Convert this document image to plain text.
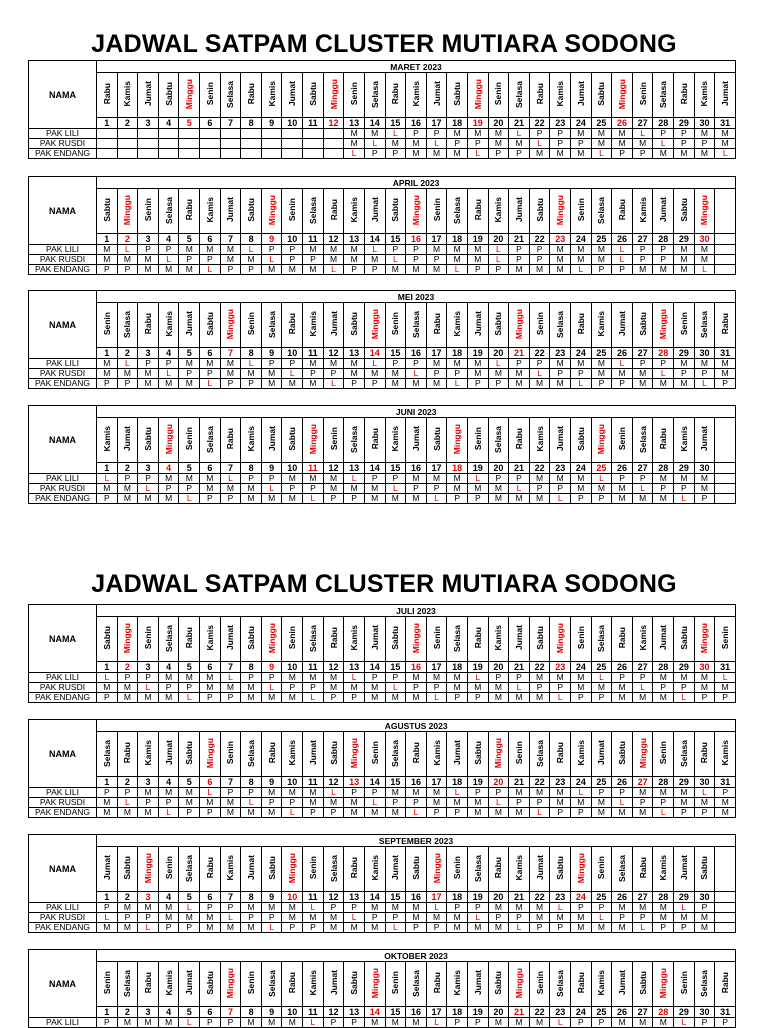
JADWAL SATPAM CLUSTER MUTIARA SODONG
JADWAL SATPAM CLUSTER MUTIARA SODONG
NAMA	MARET 2023																														
	Rabu	Kamis	Jumat	Sabtu	Minggu	Senin	Selasa	Rabu	Kamis	Jumat	Sabtu	Minggu	Senin	Selasa	Rabu	Kamis	Jumat	Sabtu	Minggu	Senin	Selasa	Rabu	Kamis	Jumat	Sabtu	Minggu	Senin	Selasa	Rabu	Kamis	Jumat
	1	2	3	4	5	6	7	8	9	10	11	12	13	14	15	16	17	18	19	20	21	22	23	24	25	26	27	28	29	30	31
PAK LILI													M	M	L	P	P	M	M	M	L	P	P	M	M	M	L	P	P	M	M
PAK RUSDI													M	L	M	M	L	P	P	M	M	L	P	P	M	M	M	L	P	P	M
PAK ENDANG													L	P	P	M	M	M	L	P	P	M	M	M	L	P	P	M	M	M	L
NAMA	APRIL 2023																														
	Sabtu	Minggu	Senin	Selasa	Rabu	Kamis	Jumat	Sabtu	Minggu	Senin	Selasa	Rabu	Kamis	Jumat	Sabtu	Minggu	Senin	Selasa	Rabu	Kamis	Jumat	Sabtu	Minggu	Senin	Selasa	Rabu	Kamis	Jumat	Sabtu	Minggu	
	1	2	3	4	5	6	7	8	9	10	11	12	13	14	15	16	17	18	19	20	21	22	23	24	25	26	27	28	29	30	
PAK LILI	M	L	P	P	M	M	M	L	P	P	M	M	M	L	P	P	M	M	M	L	P	P	M	M	M	L	P	P	M	M	
PAK RUSDI	M	M	M	L	P	P	M	M	L	P	P	M	M	M	L	P	P	M	M	L	P	P	M	M	M	L	P	P	M	M	
PAK ENDANG	P	P	M	M	M	L	P	P	M	M	M	L	P	P	M	M	M	L	P	P	M	M	M	L	P	P	M	M	M	L	
NAMA	MEI 2023																														
	Senin	Selasa	Rabu	Kamis	Jumat	Sabtu	Minggu	Senin	Selasa	Rabu	Kamis	Jumat	Sabtu	Minggu	Senin	Selasa	Rabu	Kamis	Jumat	Sabtu	Minggu	Senin	Selasa	Rabu	Kamis	Jumat	Sabtu	Minggu	Senin	Selasa	Rabu
	1	2	3	4	5	6	7	8	9	10	11	12	13	14	15	16	17	18	19	20	21	22	23	24	25	26	27	28	29	30	31
PAK LILI	M	L	P	P	M	M	M	L	P	P	M	M	M	L	P	P	M	M	M	L	P	P	M	M	M	L	P	P	M	M	M
PAK RUSDI	M	M	M	L	P	P	M	M	M	L	P	P	M	M	M	L	P	P	M	M	M	L	P	P	M	M	M	L	P	P	M
PAK ENDANG	P	P	M	M	M	L	P	P	M	M	M	L	P	P	M	M	M	L	P	P	M	M	M	L	P	P	M	M	M	L	P
NAMA	JUNI 2023																														
	Kamis	Jumat	Sabtu	Minggu	Senin	Selasa	Rabu	Kamis	Jumat	Sabtu	Minggu	Senin	Selasa	Rabu	Kamis	Jumat	Sabtu	Minggu	Senin	Selasa	Rabu	Kamis	Jumat	Sabtu	Minggu	Senin	Selasa	Rabu	Kamis	Jumat	
	1	2	3	4	5	6	7	8	9	10	11	12	13	14	15	16	17	18	19	20	21	22	23	24	25	26	27	28	29	30	
PAK LILI	L	P	P	M	M	M	L	P	P	M	M	M	L	P	P	M	M	M	L	P	P	M	M	M	L	P	P	M	M	M	
PAK RUSDI	M	M	L	P	P	M	M	M	L	P	P	M	M	M	L	P	P	M	M	M	L	P	P	M	M	M	L	P	P	M	
PAK ENDANG	P	M	M	M	L	P	P	M	M	M	L	P	P	M	M	M	L	P	P	M	M	M	L	P	P	M	M	M	L	P	
NAMA	JULI 2023																														
	Sabtu	Minggu	Senin	Selasa	Rabu	Kamis	Jumat	Sabtu	Minggu	Senin	Selasa	Rabu	Kamis	Jumat	Sabtu	Minggu	Senin	Selasa	Rabu	Kamis	Jumat	Sabtu	Minggu	Senin	Selasa	Rabu	Kamis	Jumat	Sabtu	Minggu	Senin
	1	2	3	4	5	6	7	8	9	10	11	12	13	14	15	16	17	18	19	20	21	22	23	24	25	26	27	28	29	30	31
PAK LILI	L	P	P	M	M	M	L	P	P	M	M	M	L	P	P	M	M	M	L	P	P	M	M	M	L	P	P	M	M	M	L
PAK RUSDI	M	M	L	P	P	M	M	M	L	P	P	M	M	M	L	P	P	M	M	M	L	P	P	M	M	M	L	P	P	M	M
PAK ENDANG	P	M	M	M	L	P	P	M	M	M	L	P	P	M	M	M	L	P	P	M	M	M	L	P	P	M	M	M	L	P	P
NAMA	AGUSTUS 2023																														
	Selasa	Rabu	Kamis	Jumat	Sabtu	Minggu	Senin	Selasa	Rabu	Kamis	Jumat	Sabtu	Minggu	Senin	Selasa	Rabu	Kamis	Jumat	Sabtu	Minggu	Senin	Selasa	Rabu	Kamis	Jumat	Sabtu	Minggu	Senin	Selasa	Rabu	Kamis
	1	2	3	4	5	6	7	8	9	10	11	12	13	14	15	16	17	18	19	20	21	22	23	24	25	26	27	28	29	30	31
PAK LILI	P	P	M	M	M	L	P	P	M	M	M	L	P	P	M	M	M	L	P	P	M	M	M	L	P	P	M	M	M	L	P
PAK RUSDI	M	L	P	P	M	M	M	L	P	P	M	M	M	L	P	P	M	M	M	L	P	P	M	M	M	L	P	P	M	M	M
PAK ENDANG	M	M	M	L	P	P	M	M	M	L	P	P	M	M	M	L	P	P	M	M	M	L	P	P	M	M	M	L	P	P	M
NAMA	SEPTEMBER 2023																														
	Jumat	Sabtu	Minggu	Senin	Selasa	Rabu	Kamis	Jumat	Sabtu	Minggu	Senin	Selasa	Rabu	Kamis	Jumat	Sabtu	Minggu	Senin	Selasa	Rabu	Kamis	Jumat	Sabtu	Minggu	Senin	Selasa	Rabu	Kamis	Jumat	Sabtu	
	1	2	3	4	5	6	7	8	9	10	11	12	13	14	15	16	17	18	19	20	21	22	23	24	25	26	27	28	29	30	
PAK LILI	P	M	M	M	L	P	P	M	M	M	L	P	P	M	M	M	L	P	P	M	M	M	L	P	P	M	M	M	L	P	
PAK RUSDI	L	P	P	M	M	M	L	P	P	M	M	M	L	P	P	M	M	M	L	P	P	M	M	M	L	P	P	M	M	M	
PAK ENDANG	M	M	L	P	P	M	M	M	L	P	P	M	M	M	L	P	P	M	M	M	L	P	P	M	M	M	L	P	P	M	
NAMA	OKTOBER 2023																														
	Senin	Selasa	Rabu	Kamis	Jumat	Sabtu	Minggu	Senin	Selasa	Rabu	Kamis	Jumat	Sabtu	Minggu	Senin	Selasa	Rabu	Kamis	Jumat	Sabtu	Minggu	Senin	Selasa	Rabu	Kamis	Jumat	Sabtu	Minggu	Senin	Selasa	Rabu
	1	2	3	4	5	6	7	8	9	10	11	12	13	14	15	16	17	18	19	20	21	22	23	24	25	26	27	28	29	30	31
PAK LILI	P	M	M	M	L	P	P	M	M	M	L	P	P	M	M	M	L	P	P	M	M	M	L	P	P	M	M	M	L	P	P
